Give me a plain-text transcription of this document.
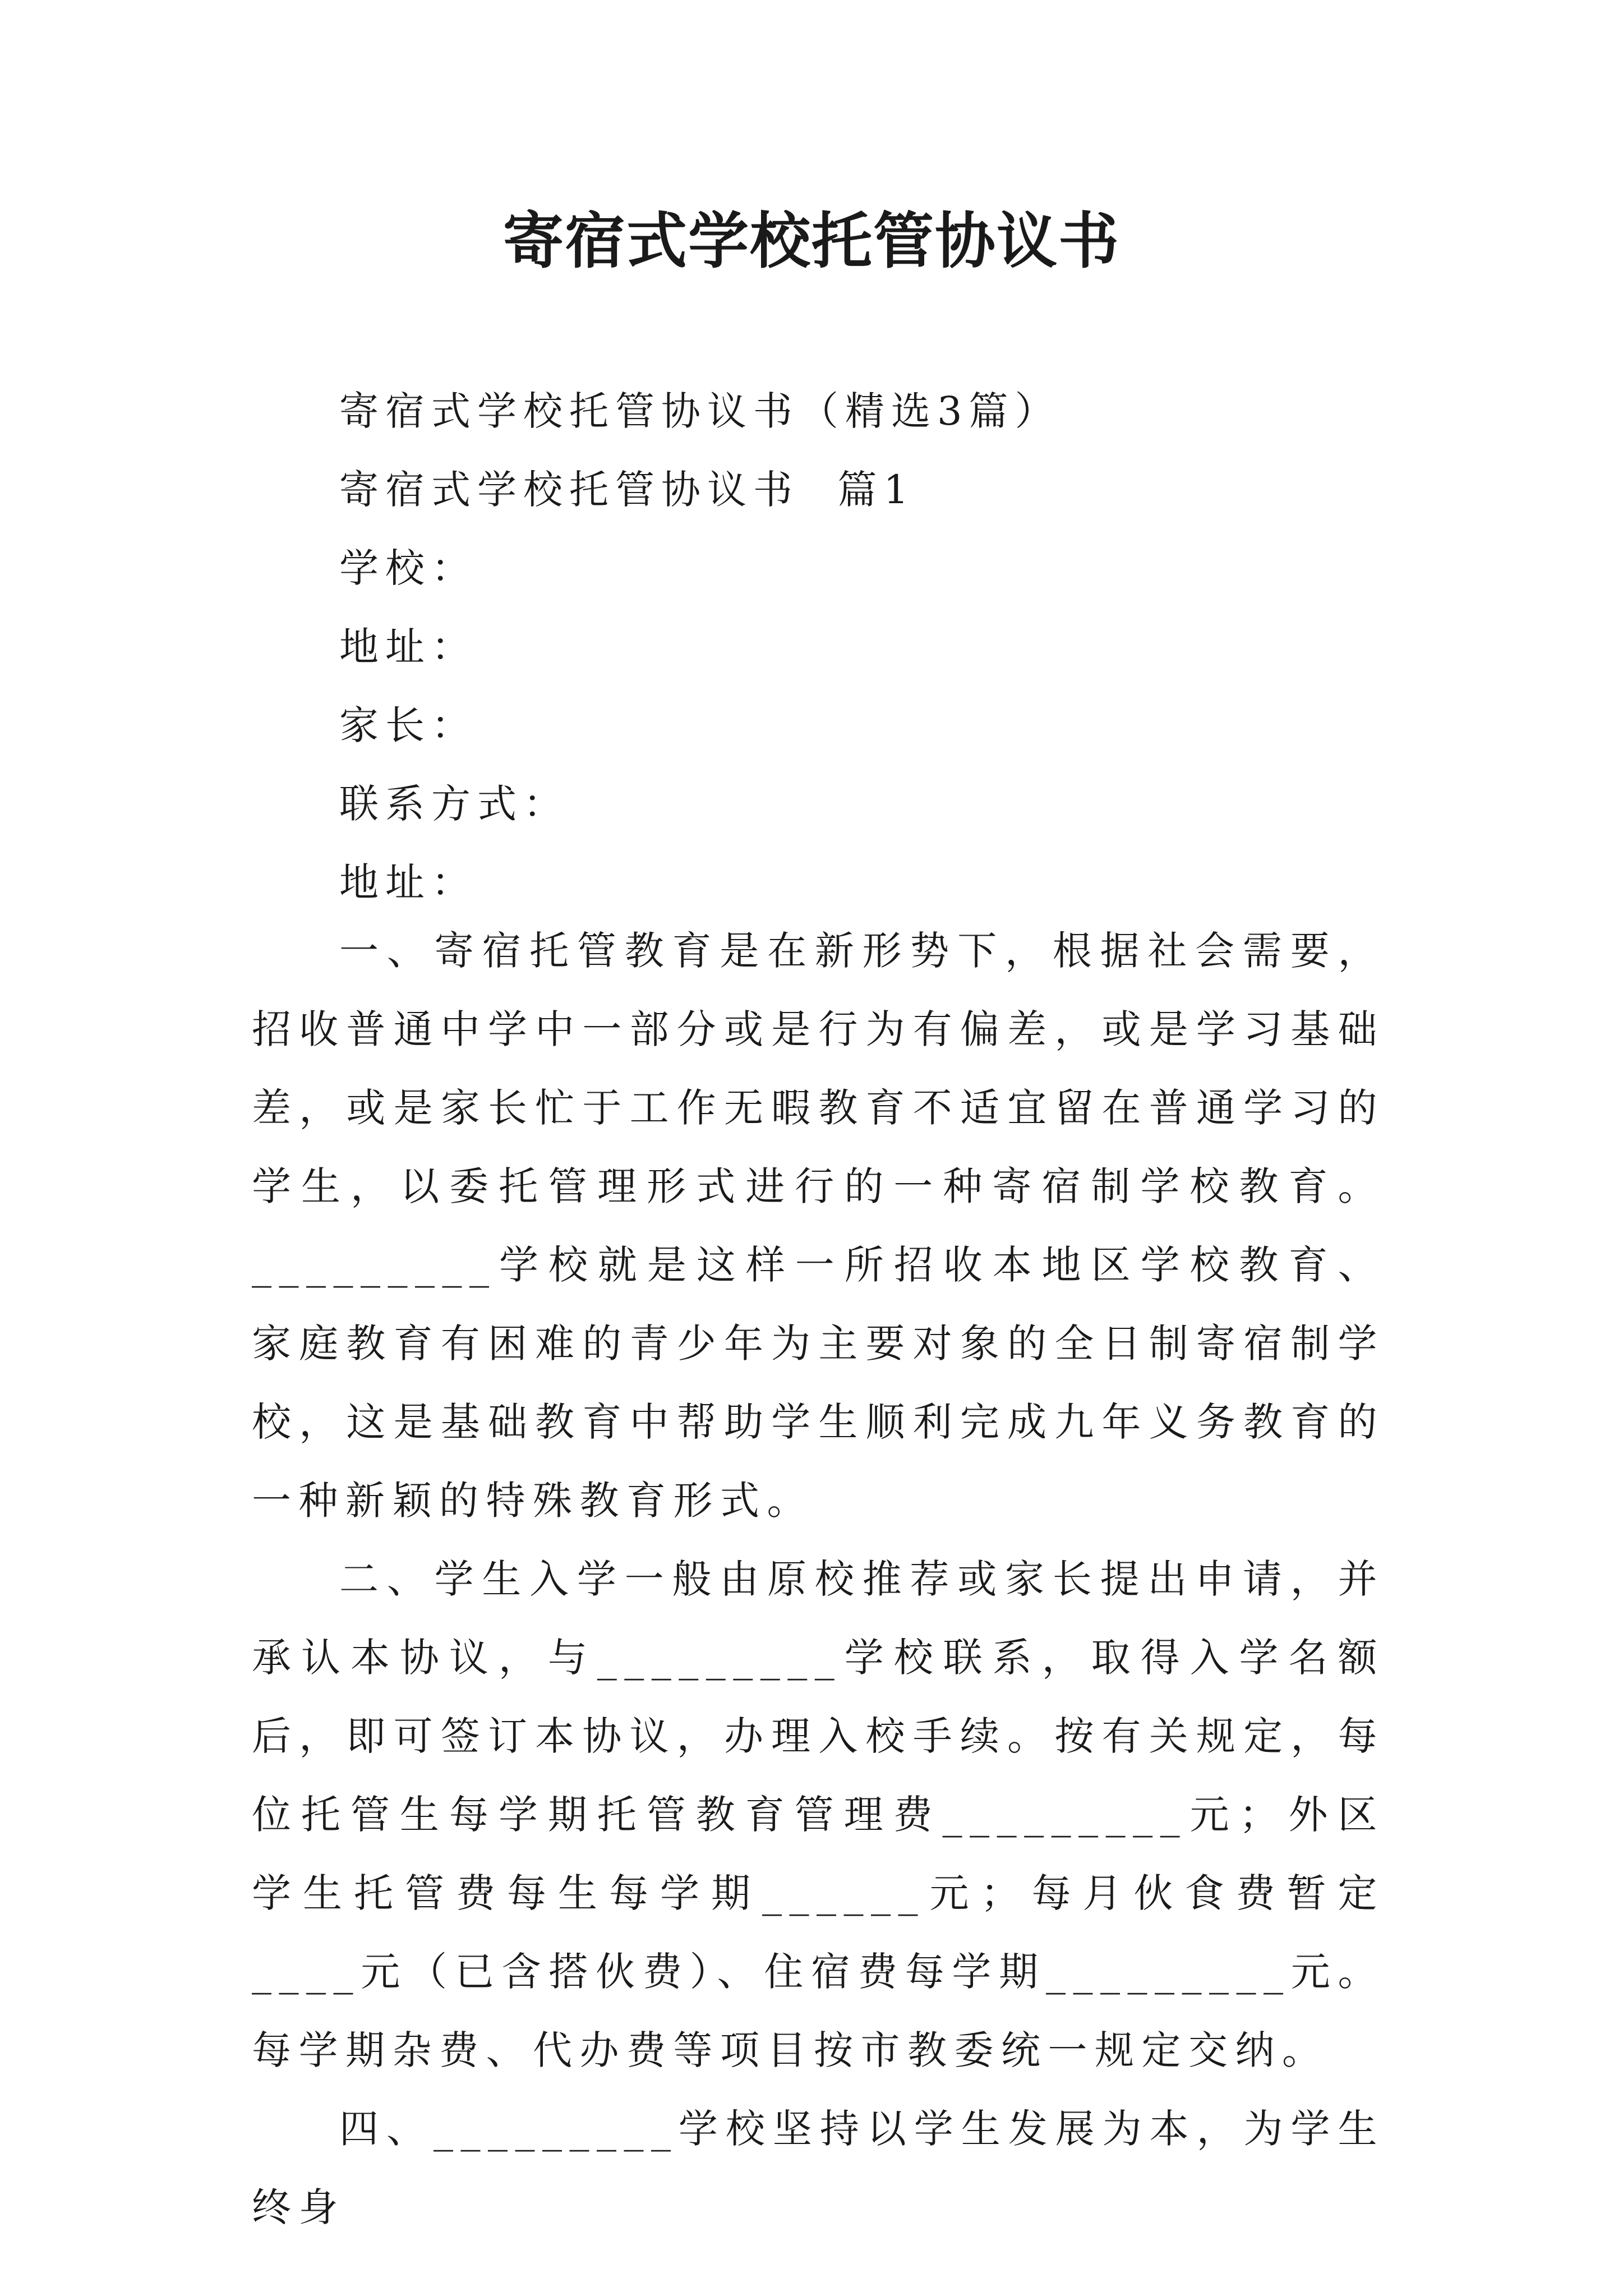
寄宿式学校托管协议书
寄宿式学校托管协议书（精选3篇）
寄宿式学校托管协议书  篇1
学校：
地址：
家长：
联系方式：
地址：

一、寄宿托管教育是在新形势下，根据社会需要，招收普通中学中一部分或是行为有偏差，或是学习基础差，或是家长忙于工作无暇教育不适宜留在普通学习的学生，以委托管理形式进行的一种寄宿制学校教育。_________学校就是这样一所招收本地区学校教育、家庭教育有困难的青少年为主要对象的全日制寄宿制学校，这是基础教育中帮助学生顺利完成九年义务教育的一种新颖的特殊教育形式。

二、学生入学一般由原校推荐或家长提出申请，并承认本协议，与_________学校联系，取得入学名额后，即可签订本协议，办理入校手续。按有关规定，每位托管生每学期托管教育管理费_________元；外区学生托管费每生每学期______元；每月伙食费暂定____元（已含搭伙费）、住宿费每学期_________元。每学期杂费、代办费等项目按市教委统一规定交纳。

四、_________学校坚持以学生发展为本，为学生终身
